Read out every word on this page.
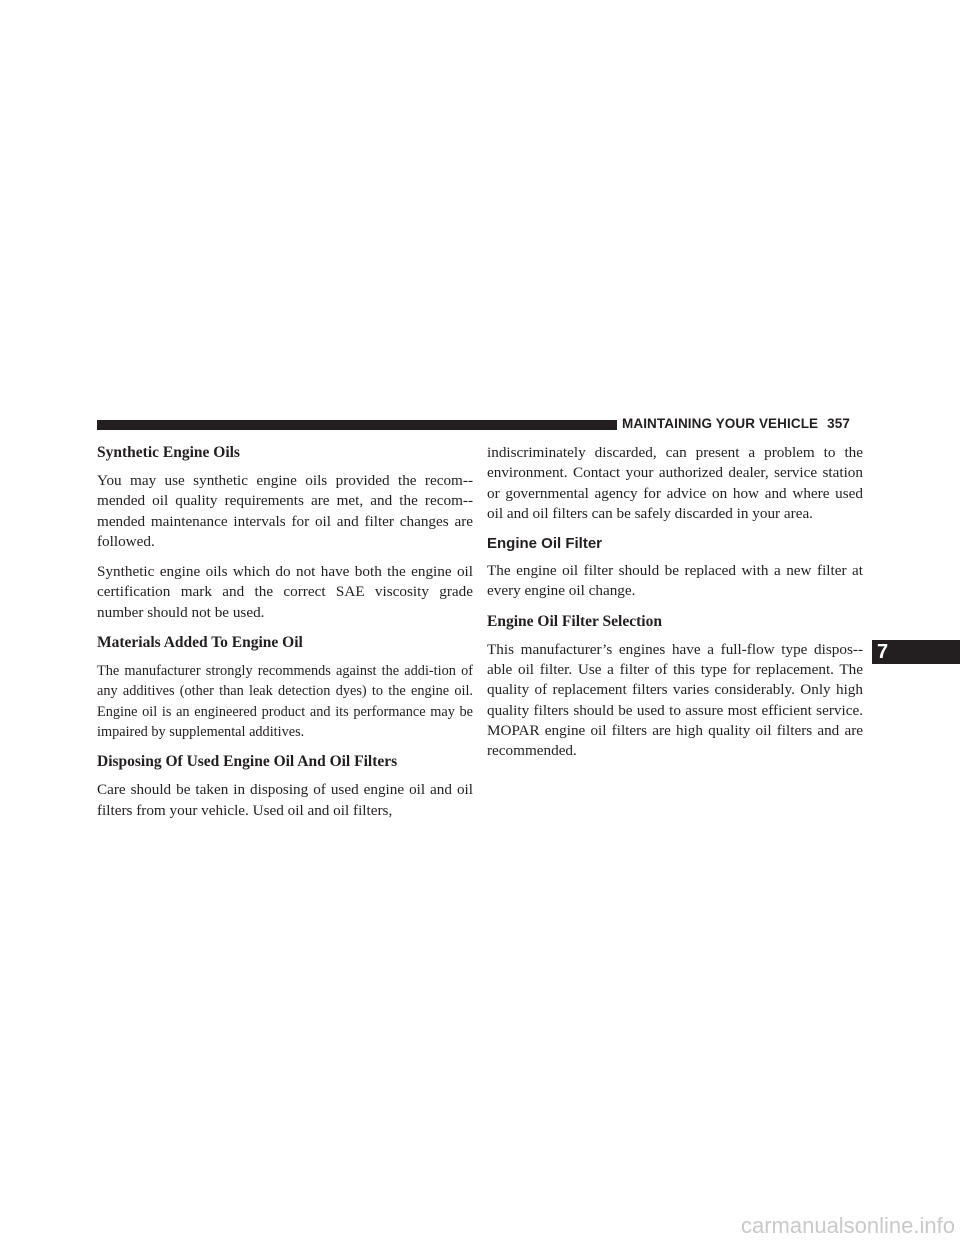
MAINTAINING YOUR VEHICLE 357
Synthetic Engine Oils

You may use synthetic engine oils provided the recom-mended oil quality requirements are met, and the recom-mended maintenance intervals for oil and filter changes are followed.

Synthetic engine oils which do not have both the engine oil certification mark and the correct SAE viscosity grade number should not be used.

Materials Added To Engine Oil

The manufacturer strongly recommends against the addi-tion of any additives (other than leak detection dyes) to the engine oil. Engine oil is an engineered product and its performance may be impaired by supplemental additives.

Disposing Of Used Engine Oil And Oil Filters

Care should be taken in disposing of used engine oil and oil filters from your vehicle. Used oil and oil filters,

indiscriminately discarded, can present a problem to the environment. Contact your authorized dealer, service station or governmental agency for advice on how and where used oil and oil filters can be safely discarded in your area.

Engine Oil Filter

The engine oil filter should be replaced with a new filter at every engine oil change.

Engine Oil Filter Selection

This manufacturer’s engines have a full-flow type dispos-able oil filter. Use a filter of this type for replacement. The quality of replacement filters varies considerably. Only high quality filters should be used to assure most efficient service. MOPAR engine oil filters are high quality oil filters and are recommended.

7
carmanualsonline.info
